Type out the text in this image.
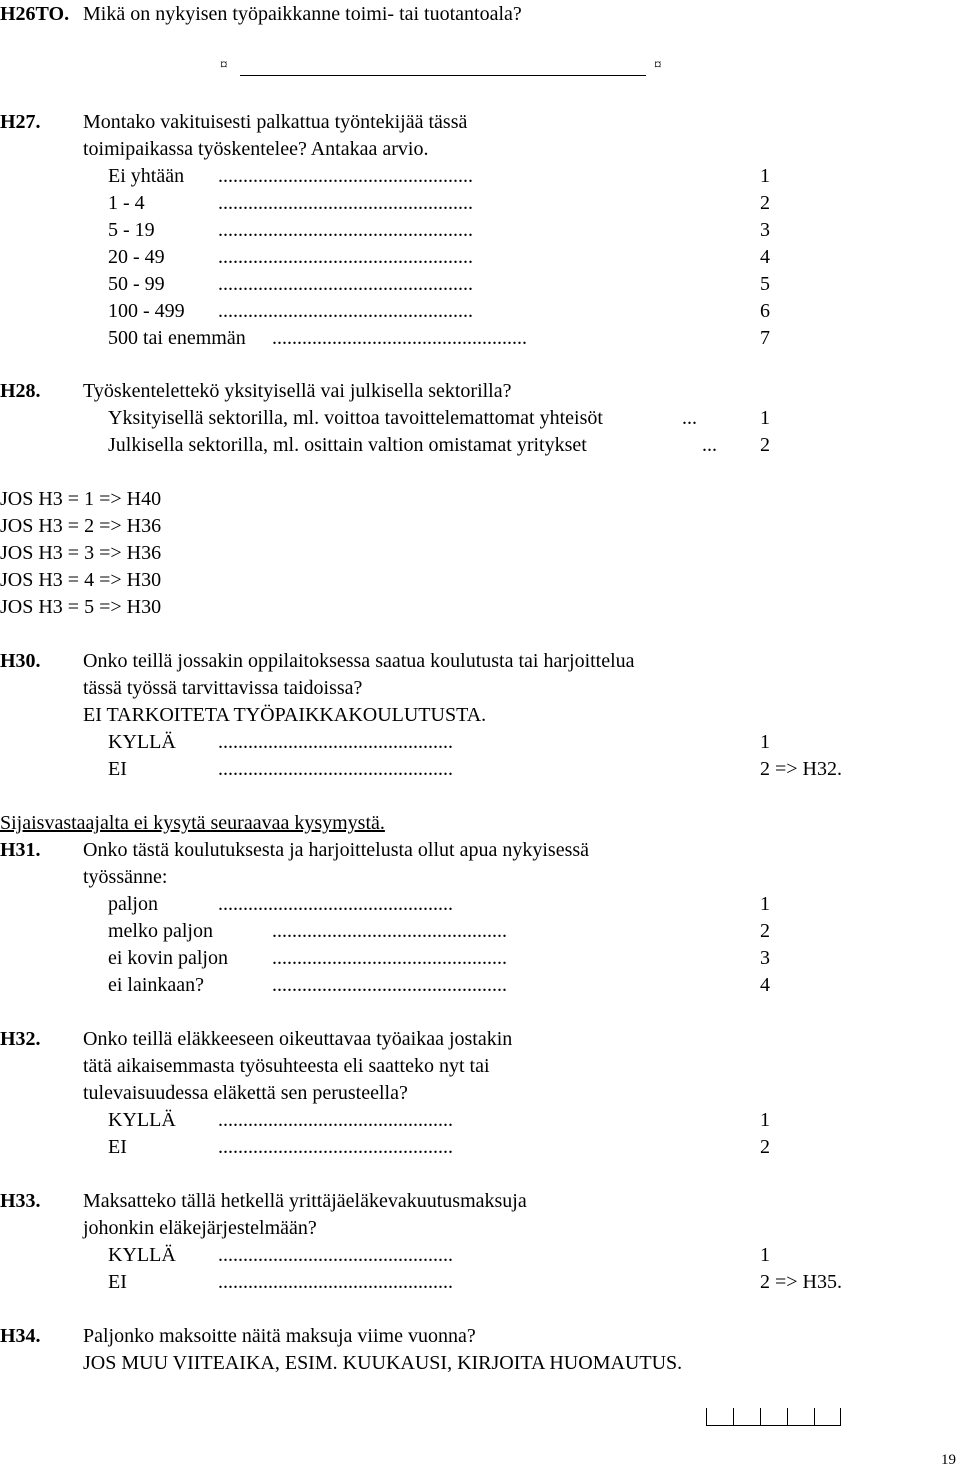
H26TO. Mikä on nykyisen työpaikkanne toimi- tai tuotantoala?
¤	¤
H27. Montako vakituisesti palkattua työntekijää tässä
toimipaikassa työskentelee? Antakaa arvio.
Ei yhtään ...................................................	1
1 - 4	...................................................	2
5 - 19	...................................................	3
20 - 49	...................................................	4
50 - 99	...................................................	5
100 - 499 ...................................................	6
500 tai enemmän ...................................................	7
H28. Työskentelettekö yksityisellä vai julkisella sektorilla?
Yksityisellä sektorilla, ml. voittoa tavoittelemattomat yhteisöt	...	1
Julkisella sektorilla, ml. osittain valtion omistamat yritykset	... 2
JOS H3 = 1 => H40
JOS H3 = 2 => H36
JOS H3 = 3 => H36
JOS H3 = 4 => H30
JOS H3 = 5 => H30
H30. Onko teillä jossakin oppilaitoksessa saatua koulutusta tai harjoittelua
tässä työssä tarvittavissa taidoissa?
EI TARKOITETA TYÖPAIKKAKOULUTUSTA.
KYLLÄ ...............................................	1
EI	...............................................	2 => H32.
Sijaisvastaajalta ei kysytä seuraavaa kysymystä.
H31. Onko tästä koulutuksesta ja harjoittelusta ollut apua nykyisessä
työssänne:
paljon	...............................................	1
melko paljon	...............................................	2
ei kovin paljon ...............................................	3
ei lainkaan?	...............................................	4
H32. Onko teillä eläkkeeseen oikeuttavaa työaikaa jostakin
tätä aikaisemmasta työsuhteesta eli saatteko nyt tai
tulevaisuudessa eläkettä sen perusteella?
KYLLÄ ...............................................	1
EI	...............................................	2
H33. Maksatteko tällä hetkellä yrittäjäeläkevakuutusmaksuja
johonkin eläkejärjestelmään?
KYLLÄ ...............................................	1
EI	...............................................	2 => H35.
H34. Paljonko maksoitte näitä maksuja viime vuonna?
JOS MUU VIITEAIKA, ESIM. KUUKAUSI, KIRJOITA HUOMAUTUS.
19
